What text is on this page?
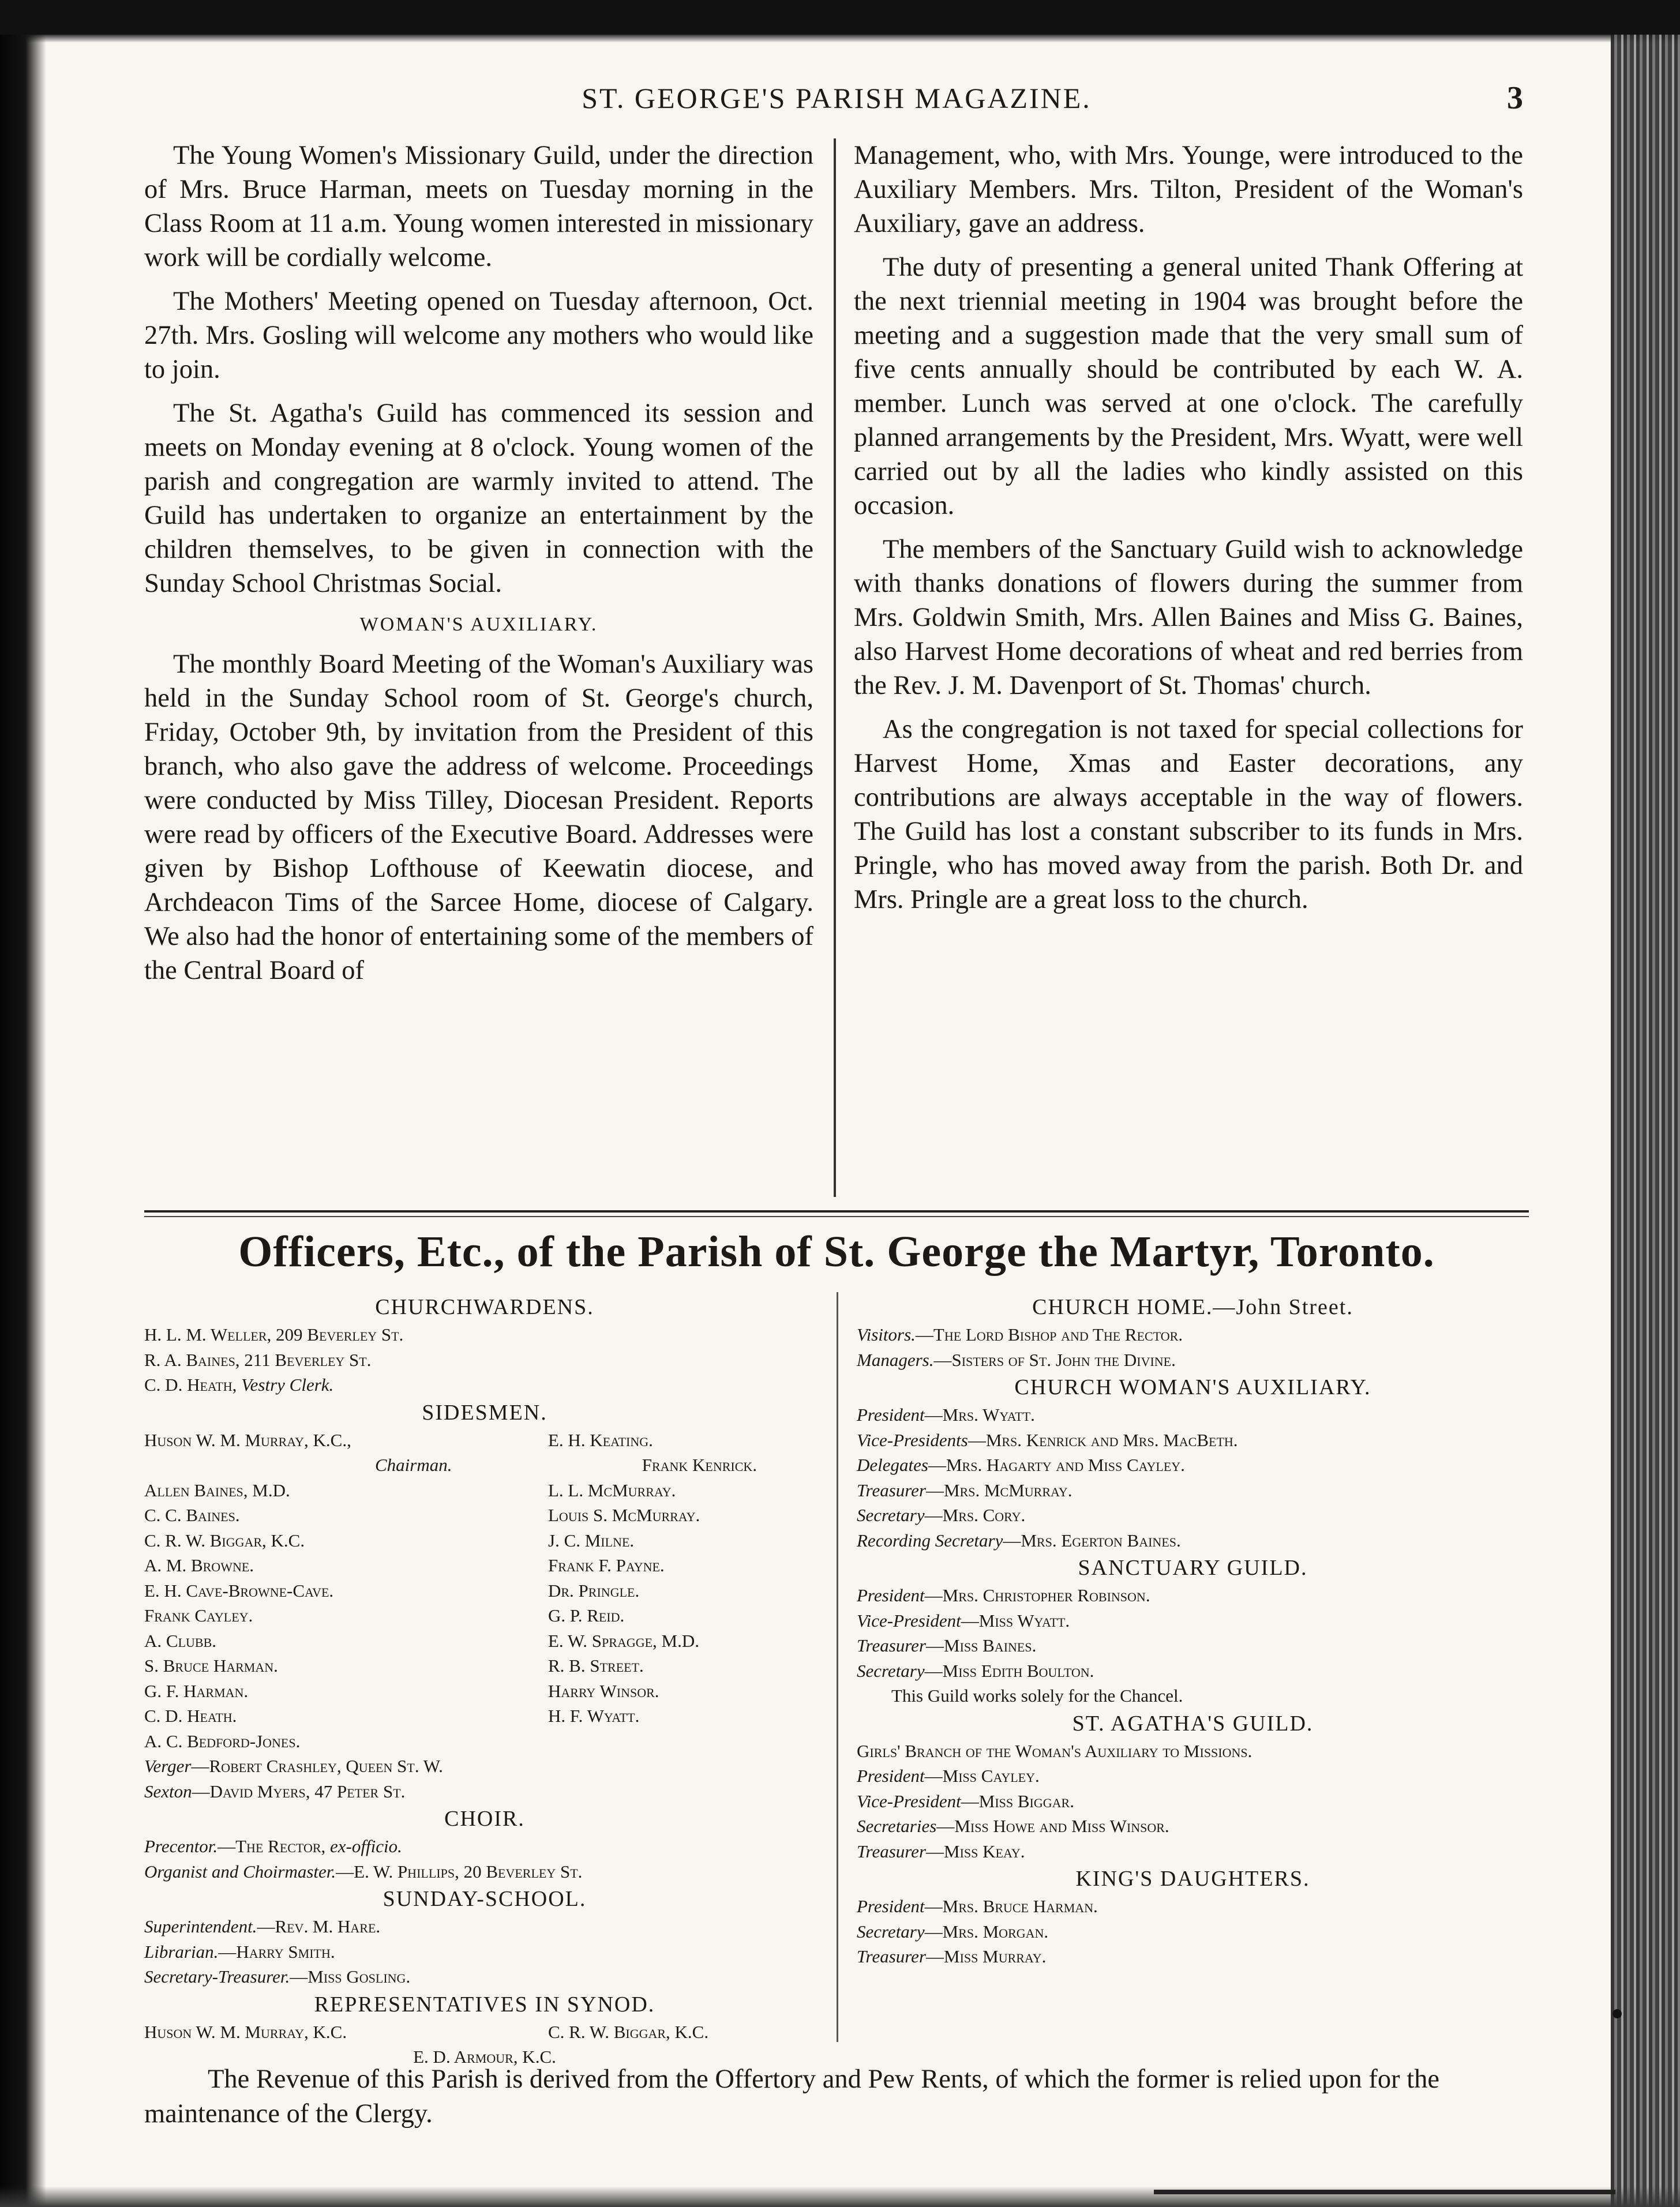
ST. GEORGE'S PARISH MAGAZINE.	3

The Young Women's Missionary Guild, under the direction of Mrs. Bruce Harman, meets on Tuesday morning in the Class Room at 11 a.m. Young women interested in missionary work will be cordially welcome.

The Mothers' Meeting opened on Tuesday afternoon, Oct. 27th. Mrs. Gosling will welcome any mothers who would like to join.

The St. Agatha's Guild has commenced its session and meets on Monday evening at 8 o'clock. Young women of the parish and congregation are warmly invited to attend. The Guild has undertaken to organize an entertainment by the children themselves, to be given in connection with the Sunday School Christmas Social.

WOMAN'S AUXILIARY.

The monthly Board Meeting of the Woman's Auxiliary was held in the Sunday School room of St. George's church, Friday, October 9th, by invitation from the President of this branch, who also gave the address of welcome. Proceedings were conducted by Miss Tilley, Diocesan President. Reports were read by officers of the Executive Board. Addresses were given by Bishop Lofthouse of Keewatin diocese, and Archdeacon Tims of the Sarcee Home, diocese of Calgary. We also had the honor of entertaining some of the members of the Central Board of

Management, who, with Mrs. Younge, were introduced to the Auxiliary Members. Mrs. Tilton, President of the Woman's Auxiliary, gave an address.

The duty of presenting a general united Thank Offering at the next triennial meeting in 1904 was brought before the meeting and a suggestion made that the very small sum of five cents annually should be contributed by each W. A. member. Lunch was served at one o'clock. The carefully planned arrangements by the President, Mrs. Wyatt, were well carried out by all the ladies who kindly assisted on this occasion.

The members of the Sanctuary Guild wish to acknowledge with thanks donations of flowers during the summer from Mrs. Goldwin Smith, Mrs. Allen Baines and Miss G. Baines, also Harvest Home decorations of wheat and red berries from the Rev. J. M. Davenport of St. Thomas' church.

As the congregation is not taxed for special collections for Harvest Home, Xmas and Easter decorations, any contributions are always acceptable in the way of flowers. The Guild has lost a constant subscriber to its funds in Mrs. Pringle, who has moved away from the parish. Both Dr. and Mrs. Pringle are a great loss to the church.

Officers, Etc., of the Parish of St. George the Martyr, Toronto.
CHURCHWARDENS.
H. L. M. Weller, 209 Beverley St.
R. A. Baines, 211 Beverley St.
C. D. Heath, Vestry Clerk.
SIDESMEN.
Huson W. M. Murray, K.C.,	E. H. Keating.
Chairman.	Frank Kenrick.
Allen Baines, M.D.	L. L. McMurray.
C. C. Baines.	Louis S. McMurray.
C. R. W. Biggar, K.C.	J. C. Milne.
A. M. Browne.	Frank F. Payne.
E. H. Cave-Browne-Cave.	Dr. Pringle.
Frank Cayley.	G. P. Reid.
A. Clubb.	E. W. Spragge, M.D.
S. Bruce Harman.	R. B. Street.
G. F. Harman.	Harry Winsor.
C. D. Heath.	H. F. Wyatt.
A. C. Bedford-Jones.
Verger—Robert Crashley, Queen St. W.
Sexton—David Myers, 47 Peter St.
CHOIR.
Precentor.—The Rector, ex-officio.
Organist and Choirmaster.—E. W. Phillips, 20 Beverley St.
SUNDAY-SCHOOL.
Superintendent.—Rev. M. Hare.
Librarian.—Harry Smith.
Secretary-Treasurer.—Miss Gosling.
REPRESENTATIVES IN SYNOD.
Huson W. M. Murray, K.C.	C. R. W. Biggar, K.C.
E. D. Armour, K.C.
CHURCH HOME.—John Street.
Visitors.—The Lord Bishop and The Rector.
Managers.—Sisters of St. John the Divine.
CHURCH WOMAN'S AUXILIARY.
President—Mrs. Wyatt.
Vice-Presidents—Mrs. Kenrick and Mrs. MacBeth.
Delegates—Mrs. Hagarty and Miss Cayley.
Treasurer—Mrs. McMurray.
Secretary—Mrs. Cory.
Recording Secretary—Mrs. Egerton Baines.
SANCTUARY GUILD.
President—Mrs. Christopher Robinson.
Vice-President—Miss Wyatt.
Treasurer—Miss Baines.
Secretary—Miss Edith Boulton.
This Guild works solely for the Chancel.
ST. AGATHA'S GUILD.
Girls' Branch of the Woman's Auxiliary to Missions.
President—Miss Cayley.
Vice-President—Miss Biggar.
Secretaries—Miss Howe and Miss Winsor.
Treasurer—Miss Keay.
KING'S DAUGHTERS.
President—Mrs. Bruce Harman.
Secretary—Mrs. Morgan.
Treasurer—Miss Murray.
The Revenue of this Parish is derived from the Offertory and Pew Rents, of which the former is relied upon for the maintenance of the Clergy.
